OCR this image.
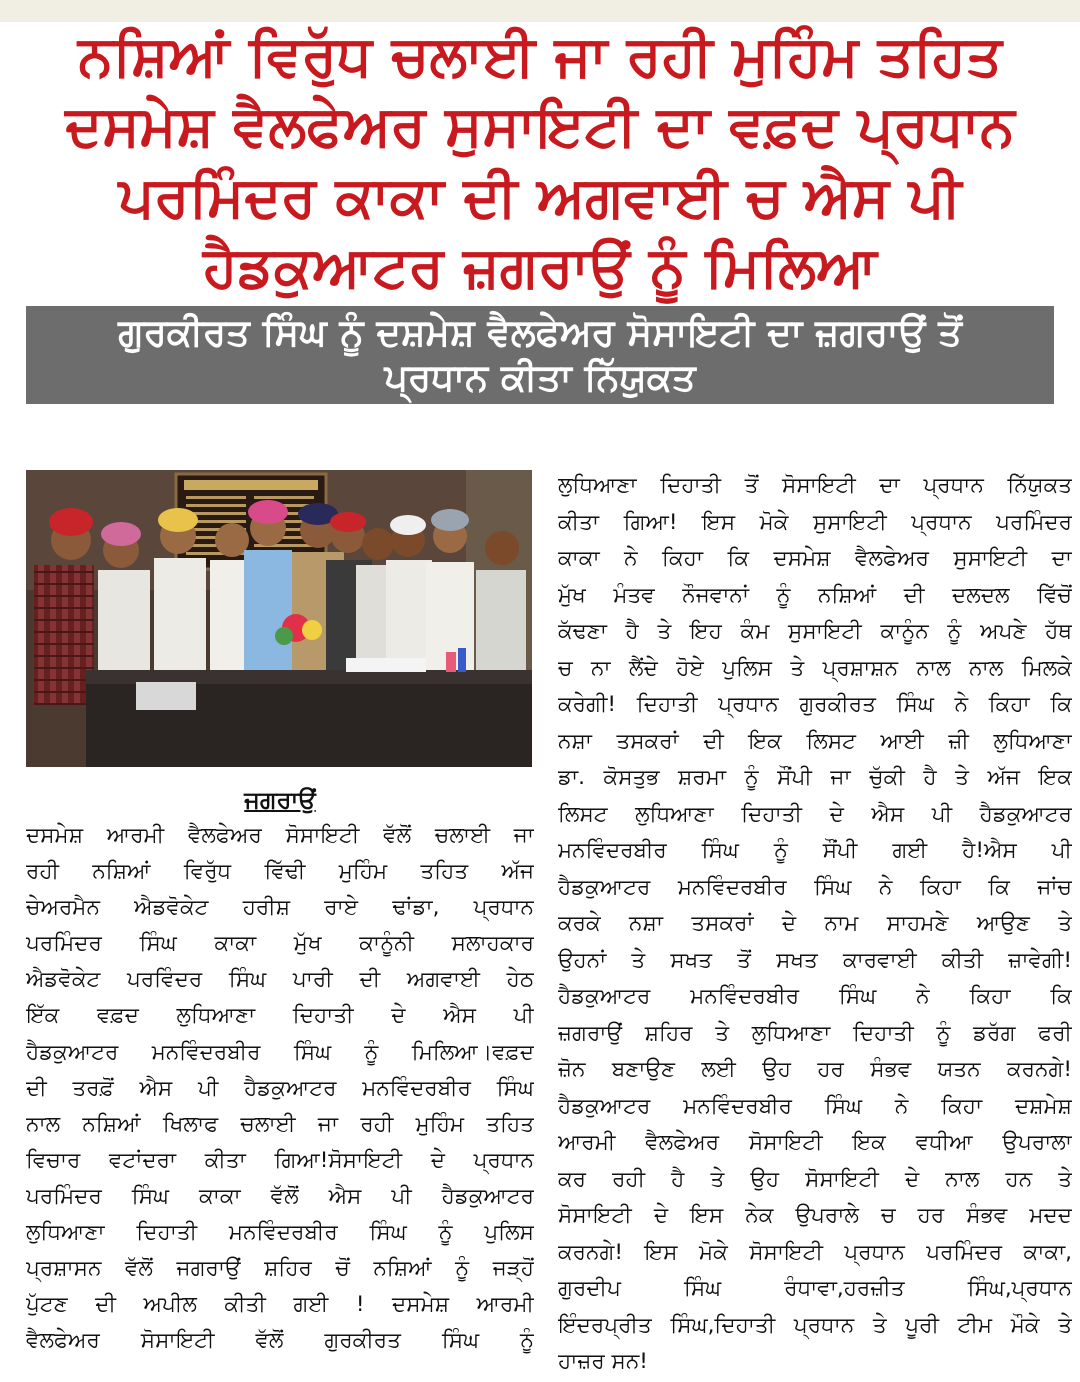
ਨਸ਼ਿਆਂ ਵਿਰੁੱਧ ਚਲਾਈ ਜਾ ਰਹੀ ਮੁਹਿੰਮ ਤਹਿਤ
ਦਸਮੇਸ਼ ਵੈਲਫੇਅਰ ਸੁਸਾਇਟੀ ਦਾ ਵਫ਼ਦ ਪ੍ਰਧਾਨ
ਪਰਮਿੰਦਰ ਕਾਕਾ ਦੀ ਅਗਵਾਈ ਚ ਐਸ ਪੀ
ਹੈਡਕੁਆਟਰ ਜ਼ਗਰਾਉਂ ਨੂੰ ਮਿਲਿਆ
ਗੁਰਕੀਰਤ ਸਿੰਘ ਨੂੰ ਦਸ਼ਮੇਸ਼ ਵੈਲਫੇਅਰ ਸੋਸਾਇਟੀ ਦਾ ਜ਼ਗਰਾਉਂ ਤੋਂ
ਪ੍ਰਧਾਨ ਕੀਤਾ ਨਿੱਯੁਕਤ
ਜਗਰਾਉਂ
ਦਸਮੇਸ਼ ਆਰਮੀ ਵੈਲਫੇਅਰ ਸੋਸਾਇਟੀ ਵੱਲੋਂ ਚਲਾਈ ਜਾ
ਰਹੀ ਨਸ਼ਿਆਂ ਵਿਰੁੱਧ ਵਿੱਢੀ ਮੁਹਿੰਮ ਤਹਿਤ ਅੱਜ
ਚੇਅਰਮੈਨ ਐਡਵੋਕੇਟ ਹਰੀਸ਼ ਰਾਏ ਢਾਂਡਾ, ਪ੍ਰਧਾਨ
ਪਰਮਿੰਦਰ ਸਿੰਘ ਕਾਕਾ ਮੁੱਖ ਕਾਨੂੰਨੀ ਸਲਾਹਕਾਰ
ਐਡਵੋਕੇਟ ਪਰਵਿੰਦਰ ਸਿੰਘ ਪਾਰੀ ਦੀ ਅਗਵਾਈ ਹੇਠ
ਇੱਕ ਵਫ਼ਦ ਲੁਧਿਆਣਾ ਦਿਹਾਤੀ ਦੇ ਐਸ ਪੀ
ਹੈਡਕੁਆਟਰ ਮਨਵਿੰਦਰਬੀਰ ਸਿੰਘ ਨੂੰ ਮਿਲਿਆ।ਵਫ਼ਦ
ਦੀ ਤਰਫ਼ੋਂ ਐਸ ਪੀ ਹੈਡਕੁਆਟਰ ਮਨਵਿੰਦਰਬੀਰ ਸਿੰਘ
ਨਾਲ ਨਸ਼ਿਆਂ ਖਿਲਾਫ ਚਲਾਈ ਜਾ ਰਹੀ ਮੁਹਿੰਮ ਤਹਿਤ
ਵਿਚਾਰ ਵਟਾਂਦਰਾ ਕੀਤਾ ਗਿਆ!ਸੋਸਾਇਟੀ ਦੇ ਪ੍ਰਧਾਨ
ਪਰਮਿੰਦਰ ਸਿੰਘ ਕਾਕਾ ਵੱਲੋਂ ਐਸ ਪੀ ਹੈਡਕੁਆਟਰ
ਲੁਧਿਆਣਾ ਦਿਹਾਤੀ ਮਨਵਿੰਦਰਬੀਰ ਸਿੰਘ ਨੂੰ ਪੁਲਿਸ
ਪ੍ਰਸ਼ਾਸਨ ਵੱਲੋਂ ਜਗਰਾਉਂ ਸ਼ਹਿਰ ਚੋਂ ਨਸ਼ਿਆਂ ਨੂੰ ਜੜ੍ਹੋਂ
ਪੁੱਟਣ ਦੀ ਅਪੀਲ ਕੀਤੀ ਗਈ ! ਦਸਮੇਸ਼ ਆਰਮੀ
ਵੈਲਫੇਅਰ ਸੋਸਾਇਟੀ ਵੱਲੋਂ ਗੁਰਕੀਰਤ ਸਿੰਘ ਨੂੰ
ਲੁਧਿਆਣਾ ਦਿਹਾਤੀ ਤੋਂ ਸੋਸਾਇਟੀ ਦਾ ਪ੍ਰਧਾਨ ਨਿੱਯੁਕਤ
ਕੀਤਾ ਗਿਆ! ਇਸ ਮੋਕੇ ਸੁਸਾਇਟੀ ਪ੍ਰਧਾਨ ਪਰਮਿੰਦਰ
ਕਾਕਾ ਨੇ ਕਿਹਾ ਕਿ ਦਸਮੇਸ਼ ਵੈਲਫੇਅਰ ਸੁਸਾਇਟੀ ਦਾ
ਮੁੱਖ ਮੰਤਵ ਨੌਜਵਾਨਾਂ ਨੂੰ ਨਸ਼ਿਆਂ ਦੀ ਦਲਦਲ ਵਿੱਚੋਂ
ਕੱਢਣਾ ਹੈ ਤੇ ਇਹ ਕੰਮ ਸੁਸਾਇਟੀ ਕਾਨੂੰਨ ਨੂੰ ਅਪਣੇ ਹੱਥ
ਚ ਨਾ ਲੈਂਦੇ ਹੋਏ ਪੁਲਿਸ ਤੇ ਪ੍ਰਸ਼ਾਸ਼ਨ ਨਾਲ ਨਾਲ ਮਿਲਕੇ
ਕਰੇਗੀ! ਦਿਹਾਤੀ ਪ੍ਰਧਾਨ ਗੁਰਕੀਰਤ ਸਿੰਘ ਨੇ ਕਿਹਾ ਕਿ
ਨਸ਼ਾ ਤਸਕਰਾਂ ਦੀ ਇਕ ਲਿਸਟ ਆਈ ਜ਼ੀ ਲੁਧਿਆਣਾ
ਡਾ. ਕੋਸਤੁਭ ਸ਼ਰਮਾ ਨੂੰ ਸੌਂਪੀ ਜਾ ਚੁੱਕੀ ਹੈ ਤੇ ਅੱਜ ਇਕ
ਲਿਸਟ ਲੁਧਿਆਣਾ ਦਿਹਾਤੀ ਦੇ ਐਸ ਪੀ ਹੈਡਕੁਆਟਰ
ਮਨਵਿੰਦਰਬੀਰ ਸਿੰਘ ਨੂੰ ਸੌਂਪੀ ਗਈ ਹੈ!ਐਸ ਪੀ
ਹੈਡਕੁਆਟਰ ਮਨਵਿੰਦਰਬੀਰ ਸਿੰਘ ਨੇ ਕਿਹਾ ਕਿ ਜਾਂਚ
ਕਰਕੇ ਨਸ਼ਾ ਤਸਕਰਾਂ ਦੇ ਨਾਮ ਸਾਹਮਣੇ ਆਉਣ ਤੇ
ਉਹਨਾਂ ਤੇ ਸਖਤ ਤੋਂ ਸਖਤ ਕਾਰਵਾਈ ਕੀਤੀ ਜ਼ਾਵੇਗੀ!
ਹੈਡਕੁਆਟਰ ਮਨਵਿੰਦਰਬੀਰ ਸਿੰਘ ਨੇ ਕਿਹਾ ਕਿ
ਜ਼ਗਰਾਉਂ ਸ਼ਹਿਰ ਤੇ ਲੁਧਿਆਣਾ ਦਿਹਾਤੀ ਨੂੰ ਡਰੱਗ ਫਰੀ
ਜ਼ੋਨ ਬਣਾਉਣ ਲਈ ਉਹ ਹਰ ਸੰਭਵ ਯਤਨ ਕਰਨਗੇ!
ਹੈਡਕੁਆਟਰ ਮਨਵਿੰਦਰਬੀਰ ਸਿੰਘ ਨੇ ਕਿਹਾ ਦਸ਼ਮੇਸ਼
ਆਰਮੀ ਵੈਲਫੇਅਰ ਸੋਸਾਇਟੀ ਇਕ ਵਧੀਆ ਉਪਰਾਲਾ
ਕਰ ਰਹੀ ਹੈ ਤੇ ਉਹ ਸੋਸਾਇਟੀ ਦੇ ਨਾਲ ਹਨ ਤੇ
ਸੋਸਾਇਟੀ ਦੇ ਇਸ ਨੇਕ ਉਪਰਾਲੇ ਚ ਹਰ ਸੰਭਵ ਮਦਦ
ਕਰਨਗੇ! ਇਸ ਮੋਕੇ ਸੋਸਾਇਟੀ ਪ੍ਰਧਾਨ ਪਰਮਿੰਦਰ ਕਾਕਾ,
ਗੁਰਦੀਪ ਸਿੰਘ ਰੰਧਾਵਾ,ਹਰਜ਼ੀਤ ਸਿੰਘ,ਪ੍ਰਧਾਨ
ਇੰਦਰਪ੍ਰੀਤ ਸਿੰਘ,ਦਿਹਾਤੀ ਪ੍ਰਧਾਨ ਤੇ ਪੂਰੀ ਟੀਮ ਮੌਕੇ ਤੇ
ਹਾਜ਼ਰ ਸਨ!
